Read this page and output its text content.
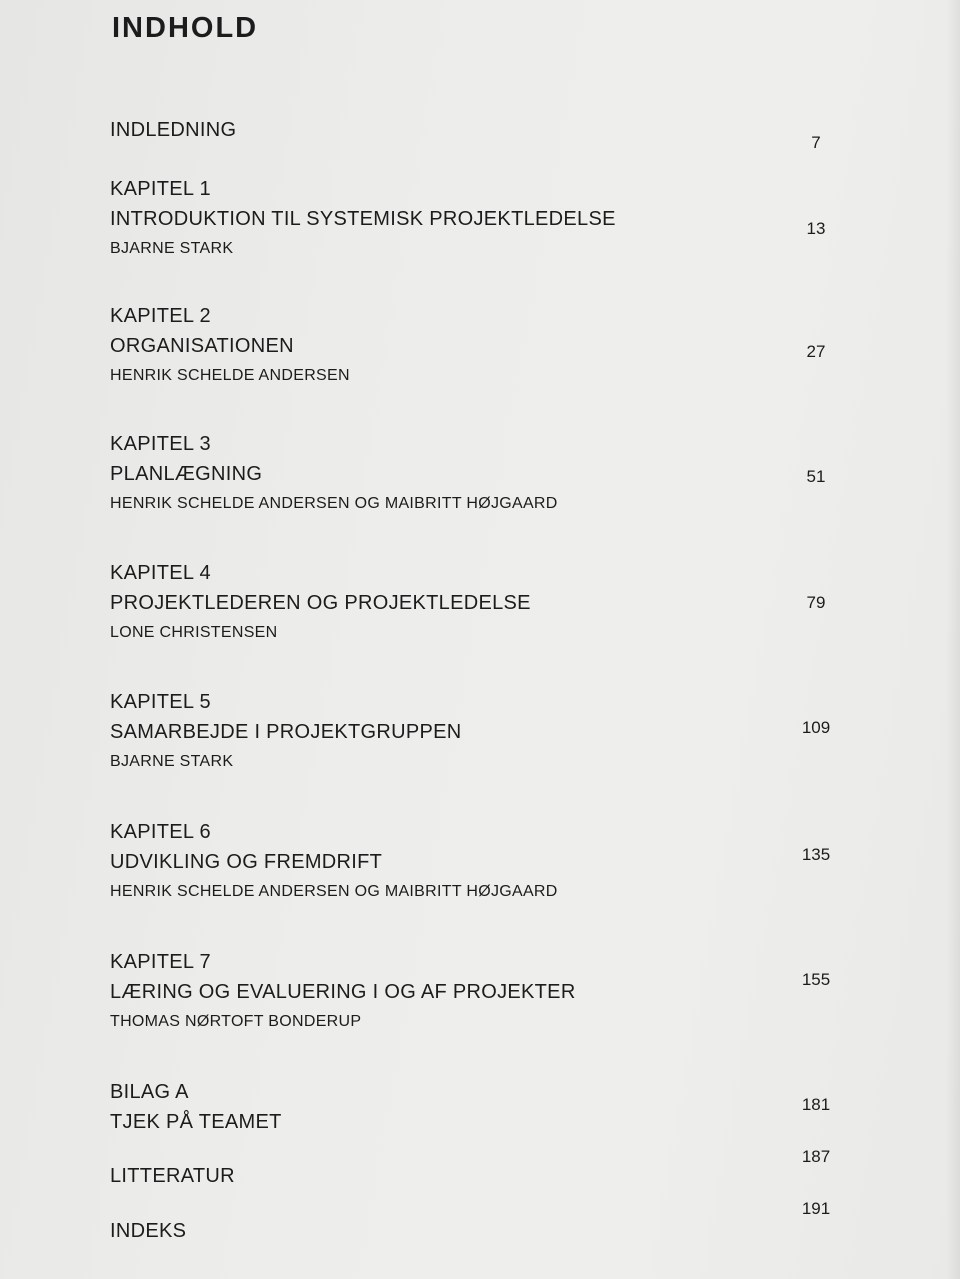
INDHOLD
INDLEDNING
7
KAPITEL 1
INTRODUKTION TIL SYSTEMISK PROJEKTLEDELSE
BJARNE STARK
13
KAPITEL 2
ORGANISATIONEN
HENRIK SCHELDE ANDERSEN
27
KAPITEL 3
PLANLÆGNING
HENRIK SCHELDE ANDERSEN OG MAIBRITT HØJGAARD
51
KAPITEL 4
PROJEKTLEDEREN OG PROJEKTLEDELSE
LONE CHRISTENSEN
79
KAPITEL 5
SAMARBEJDE I PROJEKTGRUPPEN
BJARNE STARK
109
KAPITEL 6
UDVIKLING OG FREMDRIFT
HENRIK SCHELDE ANDERSEN OG MAIBRITT HØJGAARD
135
KAPITEL 7
LÆRING OG EVALUERING I OG AF PROJEKTER
THOMAS NØRTOFT BONDERUP
155
BILAG A
TJEK PÅ TEAMET
181
187
LITTERATUR
191
INDEKS
